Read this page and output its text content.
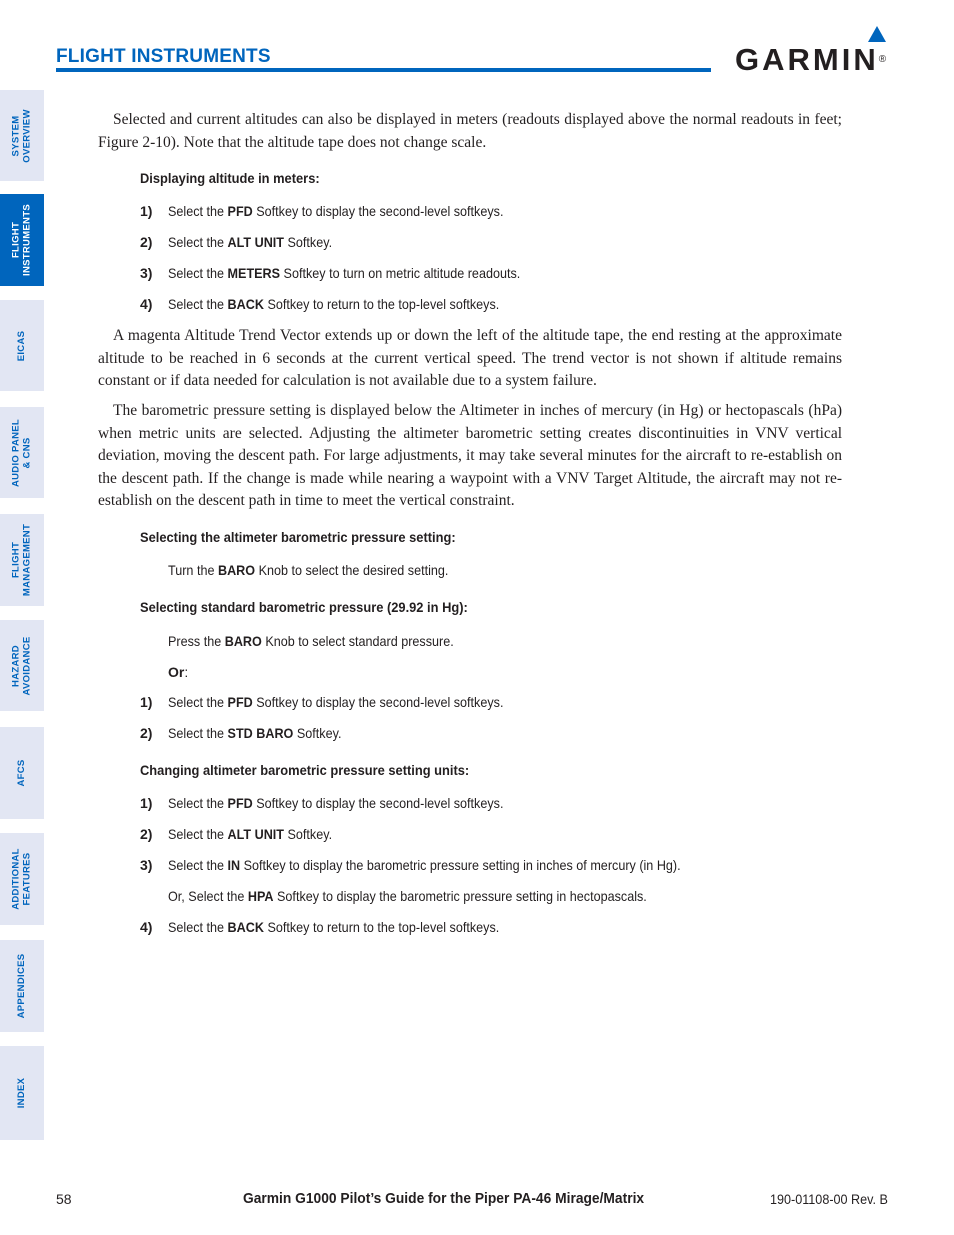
FLIGHT INSTRUMENTS	GARMIN®
SYSTEM
OVERVIEW
FLIGHT
INSTRUMENTS
EICAS
AUDIO PANEL
& CNS
FLIGHT
MANAGEMENT
HAZARD
AVOIDANCE
AFCS
ADDITIONAL
FEATURES
APPENDICES
INDEX

Selected and current altitudes can also be displayed in meters (readouts displayed above the normal readouts in feet; Figure 2-10). Note that the altitude tape does not change scale.

Displaying altitude in meters:
1) Select the PFD Softkey to display the second-level softkeys.
2) Select the ALT UNIT Softkey.
3) Select the METERS Softkey to turn on metric altitude readouts.
4) Select the BACK Softkey to return to the top-level softkeys.

A magenta Altitude Trend Vector extends up or down the left of the altitude tape, the end resting at the approximate altitude to be reached in 6 seconds at the current vertical speed. The trend vector is not shown if altitude remains constant or if data needed for calculation is not available due to a system failure.

The barometric pressure setting is displayed below the Altimeter in inches of mercury (in Hg) or hectopascals (hPa) when metric units are selected. Adjusting the altimeter barometric setting creates discontinuities in VNV vertical deviation, moving the descent path. For large adjustments, it may take several minutes for the aircraft to re-establish on the descent path. If the change is made while nearing a waypoint with a VNV Target Altitude, the aircraft may not re-establish on the descent path in time to meet the vertical constraint.

Selecting the altimeter barometric pressure setting:
Turn the BARO Knob to select the desired setting.
Selecting standard barometric pressure (29.92 in Hg):
Press the BARO Knob to select standard pressure.
Or:
1) Select the PFD Softkey to display the second-level softkeys.
2) Select the STD BARO Softkey.
Changing altimeter barometric pressure setting units:
1) Select the PFD Softkey to display the second-level softkeys.
2) Select the ALT UNIT Softkey.
3) Select the IN Softkey to display the barometric pressure setting in inches of mercury (in Hg).
Or, Select the HPA Softkey to display the barometric pressure setting in hectopascals.
4) Select the BACK Softkey to return to the top-level softkeys.
58	Garmin G1000 Pilot’s Guide for the Piper PA-46 Mirage/Matrix	190-01108-00 Rev. B
